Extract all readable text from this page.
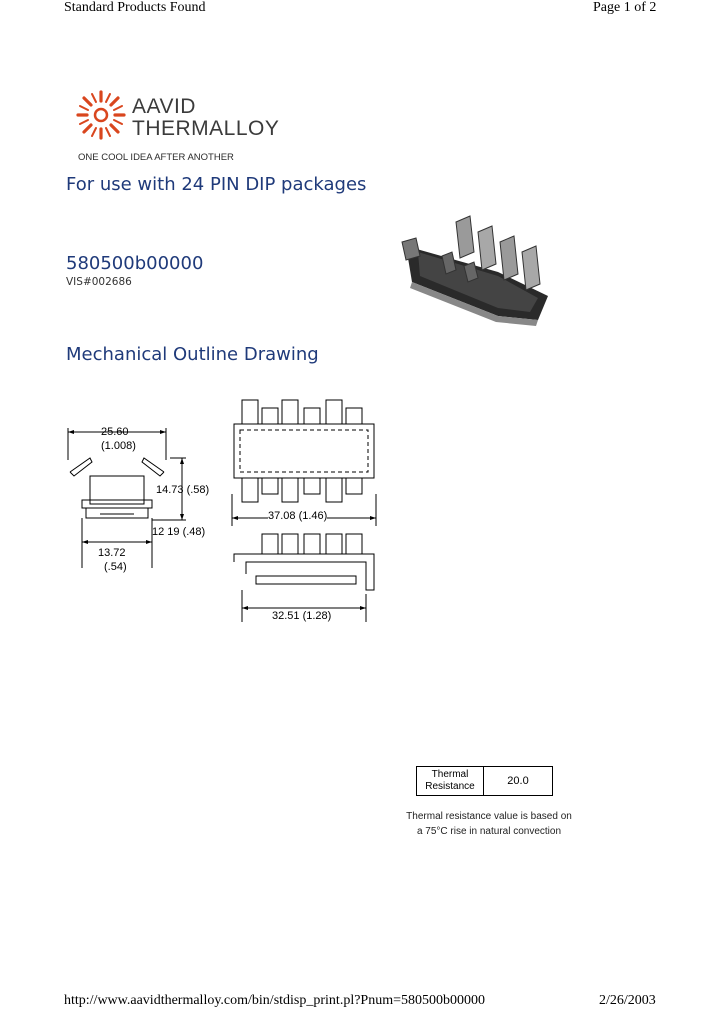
Standard Products Found	Page 1 of 2
AAVID
THERMALLOY
ONE COOL IDEA AFTER ANOTHER
For use with 24 PIN DIP packages
580500b00000
VIS#002686
Mechanical Outline Drawing
25.60
(1.008)
14.73 (.58)
12 19 (.48)
13.72
(.54)
37.08 (1.46)
32.51 (1.28)
Thermal
Resistance	20.0
Thermal resistance value is based on
a 75°C rise in natural convection
http://www.aavidthermalloy.com/bin/stdisp_print.pl?Pnum=580500b00000	2/26/2003
